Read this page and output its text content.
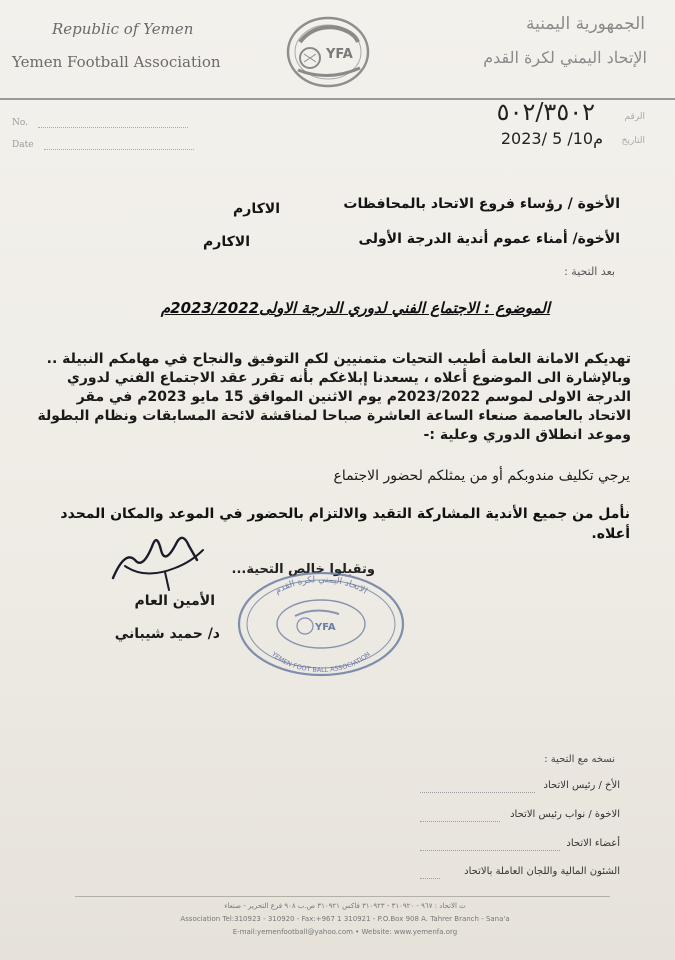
Republic of Yemen
Yemen Football Association
الجمهورية اليمنية
الإتحاد اليمني لكرة القدم
YFA
No.
Date
الرقم
٥٠٢/٣٥٠٢
التاريخ
2023/ 5 /10م
الأخوة / رؤساء فروع الاتحاد بالمحافظات
الاكارم
الأخوة/ أمناء عموم أندية الدرجة الأولى
الاكارم
بعد التحية :
الموضوع : الاجتماع الفني لدوري الدرجة الاولى2023/2022م
تهديكم الامانة العامة أطيب التحيات متمنيين لكم التوفيق والنجاح في مهامكم النبيلة ..
وبالإشارة الى الموضوع أعلاه ، يسعدنا إبلاغكم بأنه تقرر عقد الاجتماع الفني لدوري
الدرجة الاولى لموسم 2023/2022م يوم الاثنين الموافق 15 مايو 2023م في مقر
الاتحاد بالعاصمة صنعاء الساعة العاشرة صباحا لمناقشة لائحة المسابقات ونظام البطولة
وموعد انطلاق الدوري وعلية :-
يرجي تكليف مندوبكم أو من يمثلكم لحضور الاجتماع
نأمل من جميع الأندية المشاركة التقيد والالتزام بالحضور في الموعد والمكان المحدد أعلاه.
وتقبلوا خالص التحية...
الأمين العام
د/ حميد شيباني
الاتحاد اليمني لكرة القدم
YEMEN FOOT BALL ASSOCIATION
YFA
نسخه مع التحية :
الأخ / رئيس الاتحاد
الاخوة / نواب رئيس الاتحاد
أعضاء الاتحاد
الشئون المالية واللجان العاملة بالاتحاد
ت الاتحاد : ٩٦٧ - ٣١٠٩٢٠ - ٣١٠٩٢٣ فاكس ٣١٠٩٢١ ص.ب ٩٠٨ فرع التحرير - صنعاء
Association Tel:310923 - 310920 - Fax:+967 1 310921 - P.O.Box 908 A. Tahrer Branch - Sana'a
E-mail:yemenfootball@yahoo.com • Website: www.yemenfa.org
